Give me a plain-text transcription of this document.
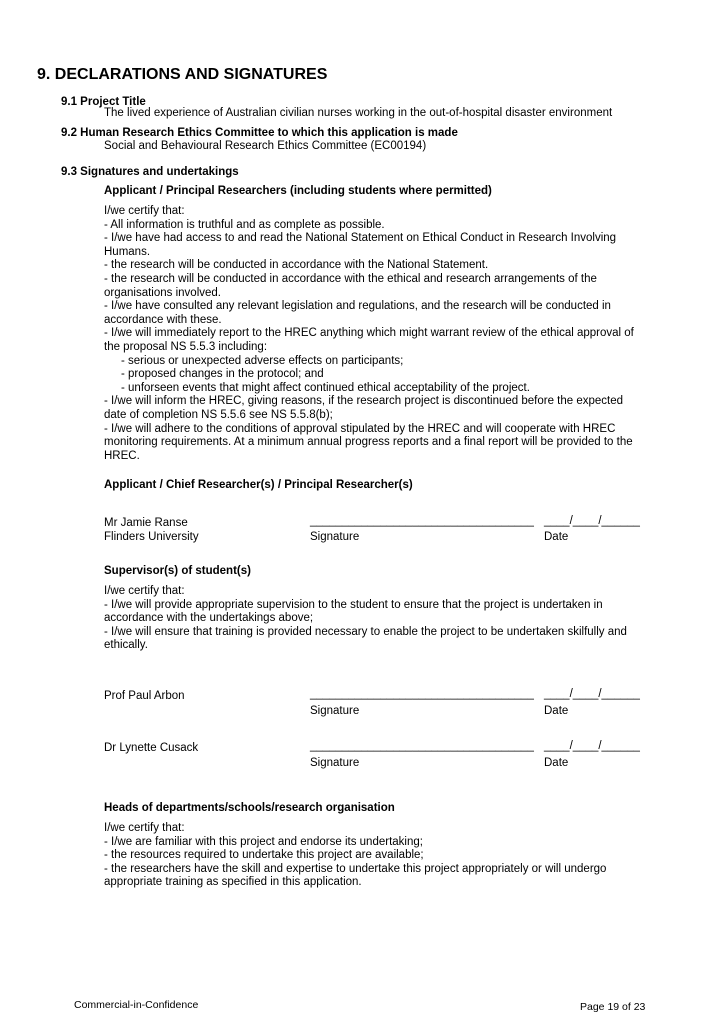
9. DECLARATIONS AND SIGNATURES
9.1 Project Title
The lived experience of Australian civilian nurses working in the out-of-hospital disaster environment
9.2 Human Research Ethics Committee to which this application is made
Social and Behavioural Research Ethics Committee (EC00194)
9.3 Signatures and undertakings
Applicant / Principal Researchers (including students where permitted)
I/we certify that:
- All information is truthful and as complete as possible.
- I/we have had access to and read the National Statement on Ethical Conduct in Research Involving
Humans.
- the research will be conducted in accordance with the National Statement.
- the research will be conducted in accordance with the ethical and research arrangements of the
organisations involved.
- I/we have consulted any relevant legislation and regulations, and the research will be conducted in
accordance with these.
- I/we will immediately report to the HREC anything which might warrant review of the ethical approval of
the proposal NS 5.5.3 including:
- serious or unexpected adverse effects on participants;
- proposed changes in the protocol; and
- unforseen events that might affect continued ethical acceptability of the project.
- I/we will inform the HREC, giving reasons, if the research project is discontinued before the expected
date of completion NS 5.5.6 see NS 5.5.8(b);
- I/we will adhere to the conditions of approval stipulated by the HREC and will cooperate with HREC
monitoring requirements. At a minimum annual progress reports and a final report will be provided to the
HREC.
Applicant / Chief Researcher(s) / Principal Researcher(s)
Mr Jamie Ranse
Flinders University
___________________________________ ____/____/______
Signature	Date
Supervisor(s) of student(s)
I/we certify that:
- I/we will provide appropriate supervision to the student to ensure that the project is undertaken in
accordance with the undertakings above;
- I/we will ensure that training is provided necessary to enable the project to be undertaken skilfully and
ethically.
Prof Paul Arbon	___________________________________ ____/____/______
Signature	Date
Dr Lynette Cusack	___________________________________ ____/____/______
Signature	Date
Heads of departments/schools/research organisation
I/we certify that:
- I/we are familiar with this project and endorse its undertaking;
- the resources required to undertake this project are available;
- the researchers have the skill and expertise to undertake this project appropriately or will undergo
appropriate training as specified in this application.
Commercial-in-Confidence	Page 19 of 23
